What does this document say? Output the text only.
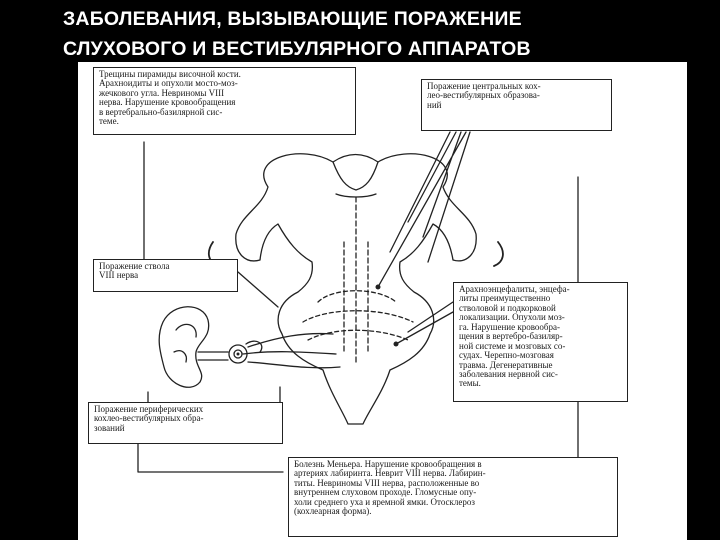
ЗАБОЛЕВАНИЯ, ВЫЗЫВАЮЩИЕ ПОРАЖЕНИЕ
СЛУХОВОГО И ВЕСТИБУЛЯРНОГО АППАРАТОВ
Трещины пирамиды височной кости.
Арахноидиты и опухоли мосто-моз-
жечкового угла. Невриномы VIII
нерва. Нарушение кровообращения
в вертебрально-базилярной сис-
теме.
Поражение центральных кох-
леo-вестибулярных образова-
ний
Поражение ствола
VIII нерва
Арахноэнцефалиты, энцефа-
литы преимущественно
стволовой и подкорковой
локализации. Опухоли моз-
га. Нарушение кровообра-
щения в вертебро-базиляр-
ной системе и мозговых со-
судах. Черепно-мозговая
травма. Дегенеративные
заболевания нервной сис-
темы.
Поражение периферических
кохлео-вестибулярных обра-
зований
Болезнь Меньера. Нарушение кровообращения в
артериях лабиринта. Неврит VIII нерва. Лабирин-
титы. Невриномы VIII нерва, расположенные во
внутреннем слуховом проходе. Гломусные опу-
холи среднего уха и яремной ямки. Отосклероз
(кохлеарная форма).
